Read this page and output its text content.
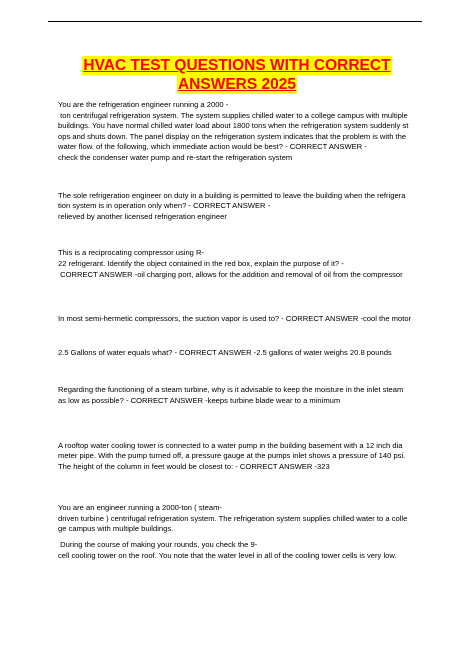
HVAC TEST QUESTIONS WITH CORRECT
ANSWERS 2025

You are the refrigeration engineer running a 2000 -

ton centrifugal refrigeration system. The system supplies chilled water to a college campus with multiple

buildings. You have normal chilled water load about 1800 tons when the refrigeration system suddenly st

ops and shuts down. The panel display on the refrigeration system indicates that the problem is with the

water flow. of the following, which immediate action would be best? - CORRECT ANSWER -

check the condenser water pump and re-start the refrigeration system

The sole refrigeration engineer on duty in a building is permitted to leave the building when the refrigera

tion system is in operation only when? - CORRECT ANSWER -

relieved by another licensed refrigeration engineer

This is a reciprocating compressor using R-

22 refrigerant. Identify the object contained in the red box, explain the purpose of it? -

CORRECT ANSWER -oil charging port, allows for the addition and removal of oil from the compressor

In most semi-hermetic compressors, the suction vapor is used to? - CORRECT ANSWER -cool the motor

2.5 Gallons of water equals what? - CORRECT ANSWER -2.5 gallons of water weighs 20.8 pounds

Regarding the functioning of a steam turbine, why is it advisable to keep the moisture in the inlet steam

as low as possible? - CORRECT ANSWER -keeps turbine blade wear to a minimum

A rooftop water cooling tower is connected to a water pump in the building basement with a 12 inch dia

meter pipe. With the pump turned off, a pressure gauge at the pumps inlet shows a pressure of 140 psi.

The height of the column in feet would be closest to: - CORRECT ANSWER -323

You are an engineer running a 2000-ton ( steam-

driven turbine ) centrifugal refrigeration system. The refrigeration system supplies chilled water to a colle

ge campus with multiple buildings.

During the course of making your rounds, you check the 9-

cell cooling tower on the roof. You note that the water level in all of the cooling tower cells is very low.
